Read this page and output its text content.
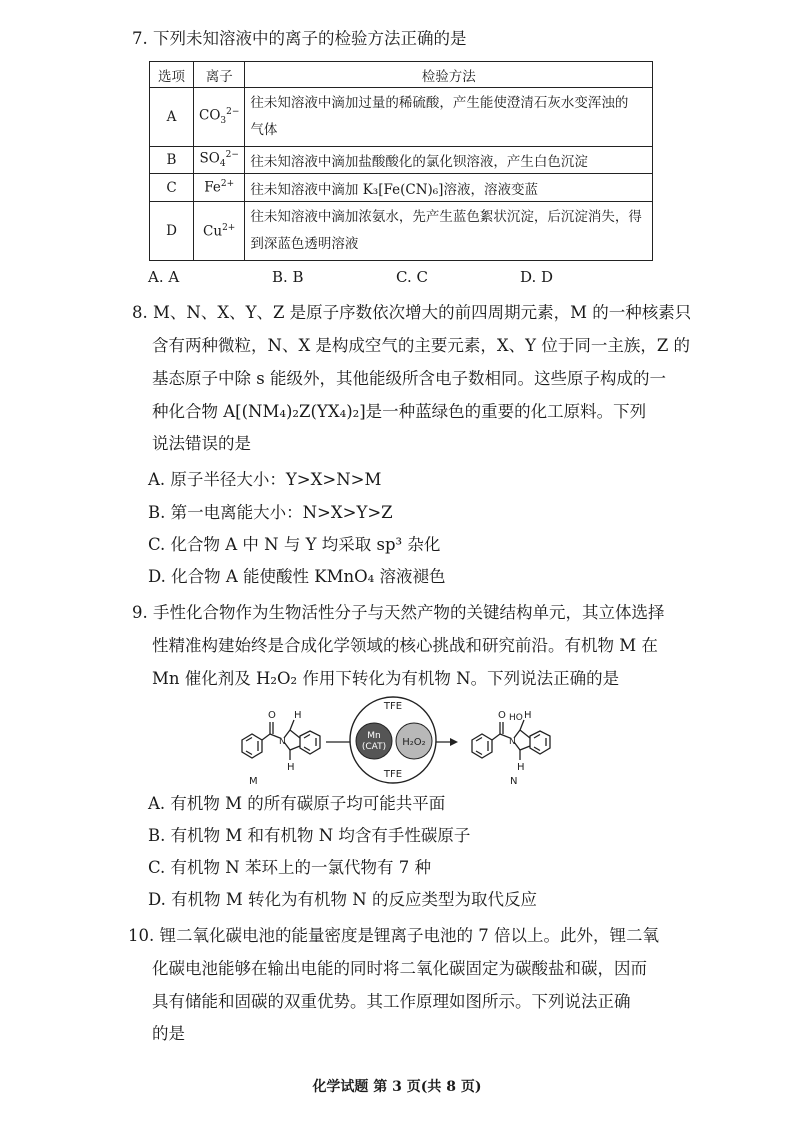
7. 下列未知溶液中的离子的检验方法正确的是
选项	离子	检验方法
A	$CO_3^{2-}$	往未知溶液中滴加过量的稀硫酸，产生能使澄清石灰水变浑浊的
气体
B	$SO_4^{2-}$	往未知溶液中滴加盐酸酸化的氯化钡溶液，产生白色沉淀
C	$Fe^{2+}$	往未知溶液中滴加 K₃[Fe(CN)₆]溶液，溶液变蓝
D	$Cu^{2+}$	往未知溶液中滴加浓氨水，先产生蓝色絮状沉淀，后沉淀消失，得
到深蓝色透明溶液
A. A	B. B	C. C	D. D
8. M、N、X、Y、Z 是原子序数依次增大的前四周期元素，M 的一种核素只
含有两种微粒，N、X 是构成空气的主要元素，X、Y 位于同一主族，Z 的
基态原子中除 s 能级外，其他能级所含电子数相同。这些原子构成的一
种化合物 A[(NM₄)₂Z(YX₄)₂]是一种蓝绿色的重要的化工原料。下列
说法错误的是
A. 原子半径大小：Y>X>N>M
B. 第一电离能大小：N>X>Y>Z
C. 化合物 A 中 N 与 Y 均采取 sp³ 杂化
D. 化合物 A 能使酸性 KMnO₄ 溶液褪色
9. 手性化合物作为生物活性分子与天然产物的关键结构单元，其立体选择
性精准构建始终是合成化学领域的核心挑战和研究前沿。有机物 M 在
Mn 催化剂及 H₂O₂ 作用下转化为有机物 N。下列说法正确的是
O
N
H
H
M
TFE
TFE
Mn
(CAT) H₂O₂
O HO
N
H
H
N
A. 有机物 M 的所有碳原子均可能共平面
B. 有机物 M 和有机物 N 均含有手性碳原子
C. 有机物 N 苯环上的一氯代物有 7 种
D. 有机物 M 转化为有机物 N 的反应类型为取代反应
10. 锂二氧化碳电池的能量密度是锂离子电池的 7 倍以上。此外，锂二氧
化碳电池能够在输出电能的同时将二氧化碳固定为碳酸盐和碳，因而
具有储能和固碳的双重优势。其工作原理如图所示。下列说法正确
的是
化学试题 第 3 页(共 8 页)
